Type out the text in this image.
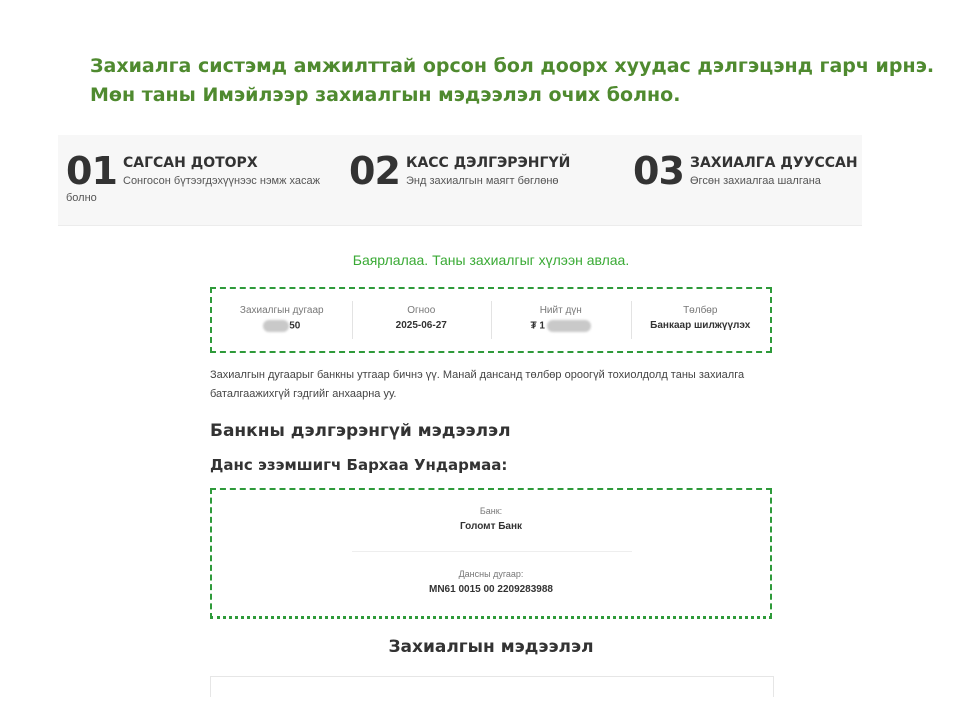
Захиалга систэмд амжилттай орсон бол доорх хуудас дэлгэцэнд гарч ирнэ.
Мөн таны Имэйлээр захиалгын мэдээлэл очих болно.
01 САГСАН ДОТОРХ
Сонгосон бүтээгдэхүүнээс нэмж хасаж
болно
02 КАСС ДЭЛГЭРЭНГҮЙ
Энд захиалгын маягт бөглөнө 03 ЗАХИАЛГА ДУУССАН
Өгсөн захиалгаа шалгана
Баярлалаа. Таны захиалгыг хүлээн авлаа.
Захиалгын дугаар
50
Огноо
2025-06-27
Нийт дүн
₮ 1
Төлбөр
Банкаар шилжүүлэх
Захиалгын дугаарыг банкны утгаар бичнэ үү. Манай дансанд төлбөр ороогүй тохиолдолд таны захиалга баталгаажихгүй гэдгийг анхаарна уу.
Банкны дэлгэрэнгүй мэдээлэл
Данс эзэмшигч Бархаа Ундармаа:
Банк:
Голомт Банк
Дансны дугаар:
MN61 0015 00 2209283988
Захиалгын мэдээлэл
